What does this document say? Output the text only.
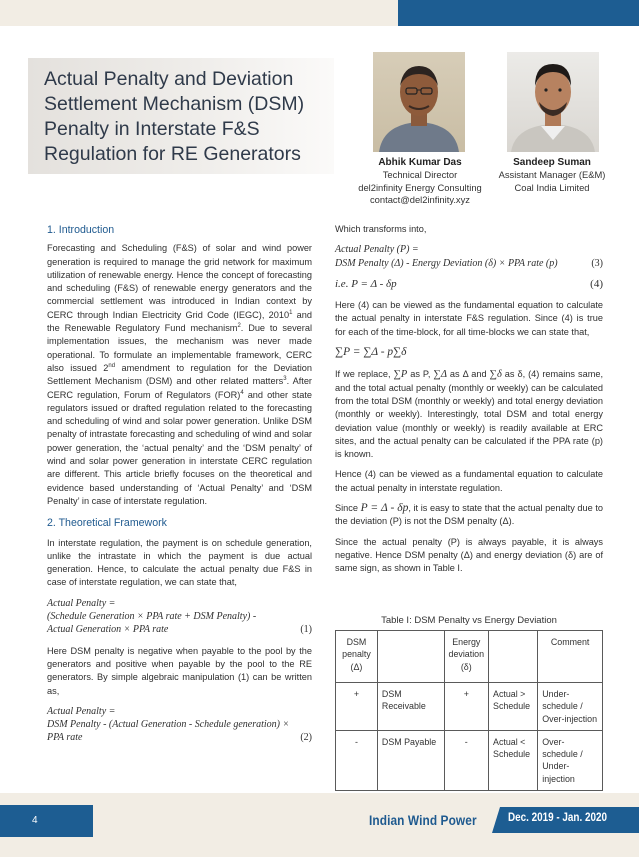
Actual Penalty and Deviation Settlement Mechanism (DSM) Penalty in Interstate F&S Regulation for RE Generators	Abhik Kumar Das
Technical Director
del2infinity Energy Consulting
contact@del2infinity.xyz
Sandeep Suman
Assistant Manager (E&M)
Coal India Limited
1. Introduction

Forecasting and Scheduling (F&S) of solar and wind power generation is required to manage the grid network for maximum utilization of renewable energy. Hence the concept of forecasting and scheduling (F&S) of renewable energy generators and the commercial settlement was introduced in Indian context by CERC through Indian Electricity Grid Code (IEGC), 2010$^1$ and the Renewable Regulatory Fund mechanism$^2$. Due to several implementation issues, the mechanism was never made operational. To formulate an implementable framework, CERC also issued 2nd amendment to regulation for the Deviation Settlement Mechanism (DSM) and other related matters$^3$. After CERC regulation, Forum of Regulators (FOR)$^4$ and other state regulators issued or drafted regulation related to the forecasting and scheduling of wind and solar power generation. Unlike DSM penalty of intrastate forecasting and scheduling of wind and solar power generation, the ‘actual penalty’ and the ‘DSM penalty’ of wind and solar power generation in interstate CERC regulation are different. This article briefly focuses on the theoretical and evidence based understanding of ‘Actual Penalty’ and ‘DSM Penalty’ in case of interstate regulation.

2. Theoretical Framework

In interstate regulation, the payment is on schedule generation, unlike the intrastate in which the payment is due actual generation. Hence, to calculate the actual penalty due F&S in case of interstate regulation, we can state that,

Actual Penalty =
(Schedule Generation × PPA rate + DSM Penalty) -
Actual Generation × PPA rate	(1)

Here DSM penalty is negative when payable to the pool by the generators and positive when payable by the pool to the RE generators. By simple algebraic manipulation (1) can be written as,

Actual Penalty =
DSM Penalty - (Actual Generation - Schedule generation) ×
PPA rate	(2)

Which transforms into,

Actual Penalty (P) =
DSM Penalty (Δ) - Energy Deviation (δ) × PPA rate (p)	(3)
i.e. P = Δ - δp	(4)

Here (4) can be viewed as the fundamental equation to calculate the actual penalty in interstate F&S regulation. Since (4) is true for each of the time-block, for all time-blocks we can state that,

∑P = ∑Δ - p∑δ

If we replace, ∑P as P, ∑Δ as Δ and ∑δ as δ, (4) remains same, and the total actual penalty (monthly or weekly) can be calculated from the total DSM (monthly or weekly) and total energy deviation (monthly or weekly). Interestingly, total DSM and total energy deviation value (monthly or weekly) is readily available at ERC sites, and the actual penalty can be calculated if the PPA rate (p) is known.

Hence (4) can be viewed as a fundamental equation to calculate the actual penalty in interstate regulation.

Since P = Δ - δp, it is easy to state that the actual penalty due to the deviation (P) is not the DSM penalty (Δ).

Since the actual penalty (P) is always payable, it is always negative. Hence DSM penalty (Δ) and energy deviation (δ) are of same sign, as shown in Table I.

Table I: DSM Penalty vs Energy Deviation
DSM penalty (Δ)		Energy deviation (δ)		Comment
+	DSM Receivable	+	Actual > Schedule	Under-schedule / Over-injection
-	DSM Payable	-	Actual < Schedule	Over-schedule / Under-injection
4	Indian Wind Power	Dec. 2019 - Jan. 2020
